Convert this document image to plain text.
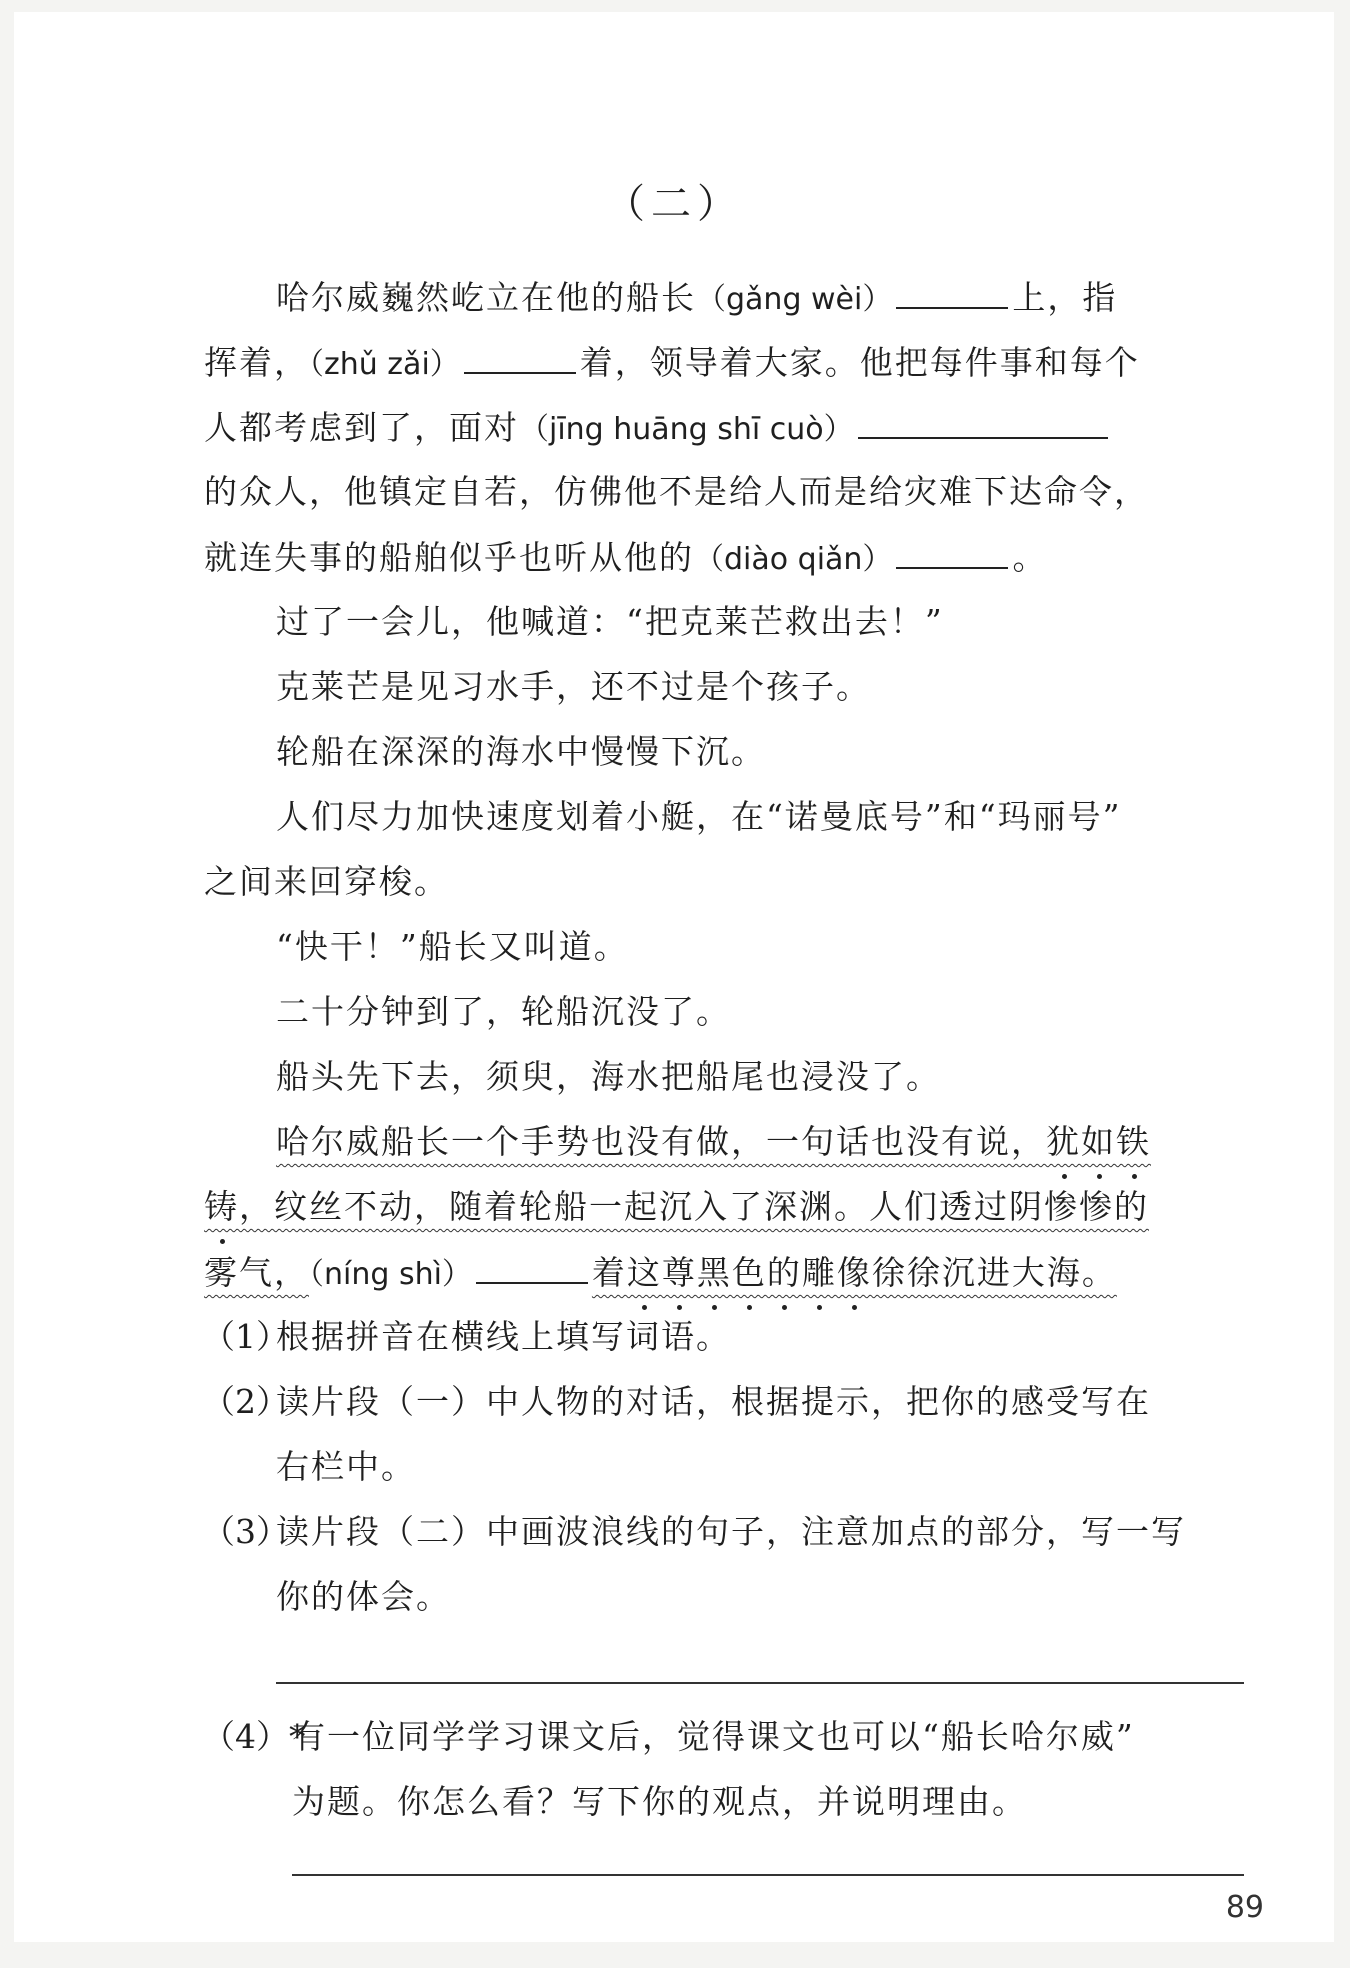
（二）
哈尔威巍然屹立在他的船长（gǎng wèi）	上，指
挥着，（zhǔ zǎi）	着，领导着大家。他把每件事和每个
人都考虑到了，面对（jīng huāng shī cuò）
的众人，他镇定自若，仿佛他不是给人而是给灾难下达命令，
就连失事的船舶似乎也听从他的（diào qiǎn）	。
过了一会儿，他喊道：“把克莱芒救出去！”
克莱芒是见习水手，还不过是个孩子。
轮船在深深的海水中慢慢下沉。
人们尽力加快速度划着小艇，在“诺曼底号”和“玛丽号”
之间来回穿梭。
“快干！”船长又叫道。
二十分钟到了，轮船沉没了。
船头先下去，须臾，海水把船尾也浸没了。
哈尔威船长一个手势也没有做，一句话也没有说，犹如铁
铸，纹丝不动，随着轮船一起沉入了深渊。人们透过阴惨惨的
雾气，（níng shì）	着这尊黑色的雕像徐徐沉进大海。
（1）
根据拼音在横线上填写词语。
（2）
读片段（一）中人物的对话，根据提示，把你的感受写在
右栏中。
（3）
读片段（二）中画波浪线的句子，注意加点的部分，写一写
你的体会。
（4）*
有一位同学学习课文后，觉得课文也可以“船长哈尔威”
为题。你怎么看？写下你的观点，并说明理由。
89
